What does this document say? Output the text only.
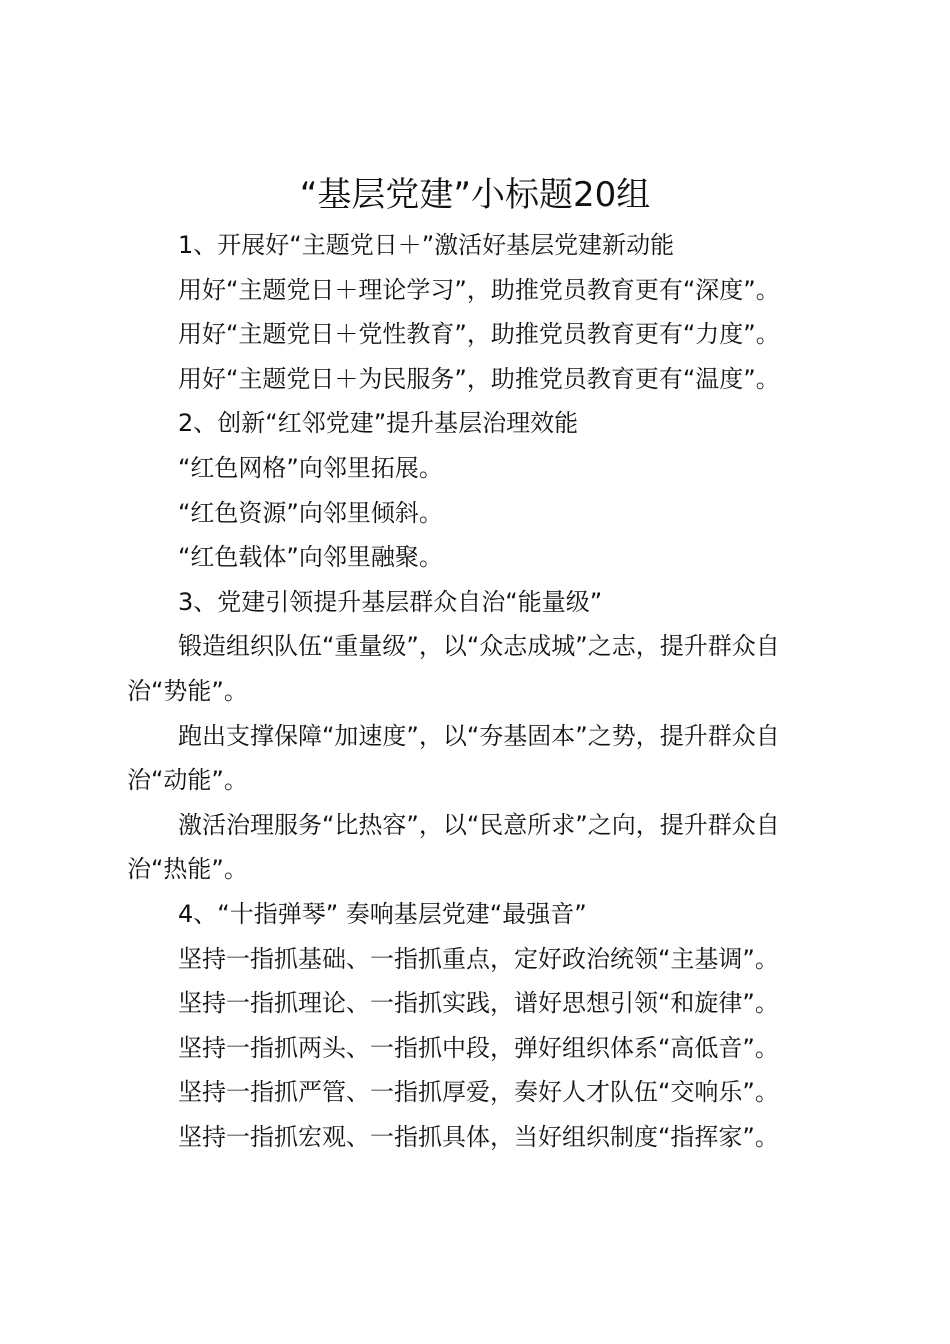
“基层党建”小标题20组

1、开展好“主题党日＋”激活好基层党建新动能

用好“主题党日＋理论学习”，助推党员教育更有“深度”。

用好“主题党日＋党性教育”，助推党员教育更有“力度”。

用好“主题党日＋为民服务”，助推党员教育更有“温度”。

2、创新“红邻党建”提升基层治理效能

“红色网格”向邻里拓展。

“红色资源”向邻里倾斜。

“红色载体”向邻里融聚。

3、党建引领提升基层群众自治“能量级”

锻造组织队伍“重量级”，以“众志成城”之志，提升群众自

治“势能”。

跑出支撑保障“加速度”，以“夯基固本”之势，提升群众自

治“动能”。

激活治理服务“比热容”，以“民意所求”之向，提升群众自

治“热能”。

4、“十指弹琴” 奏响基层党建“最强音”

坚持一指抓基础、一指抓重点，定好政治统领“主基调”。

坚持一指抓理论、一指抓实践，谱好思想引领“和旋律”。

坚持一指抓两头、一指抓中段，弹好组织体系“高低音”。

坚持一指抓严管、一指抓厚爱，奏好人才队伍“交响乐”。

坚持一指抓宏观、一指抓具体，当好组织制度“指挥家”。
